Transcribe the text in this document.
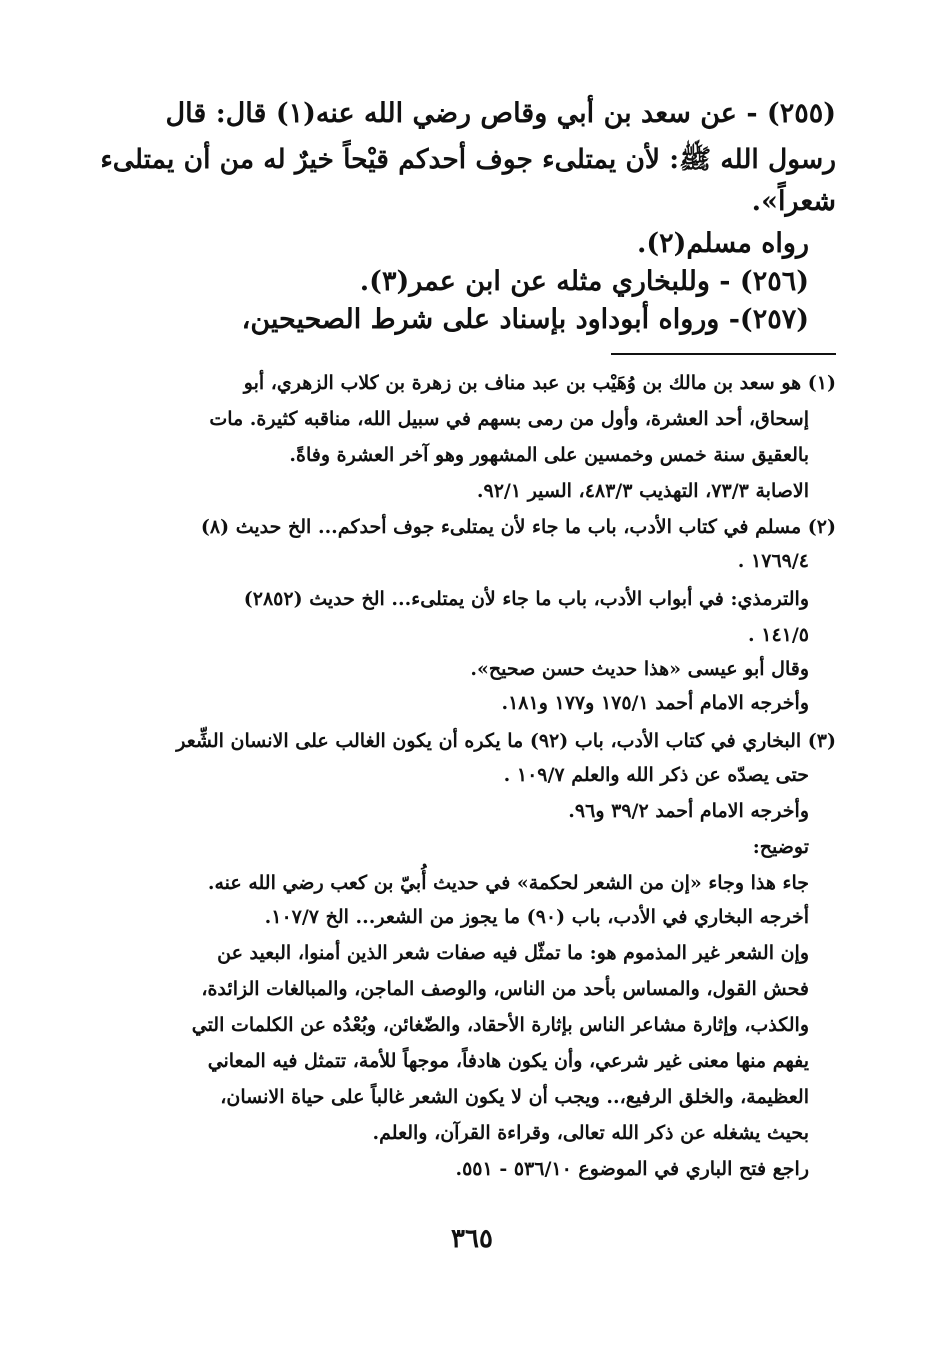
(٢٥٥) - عن سعد بن أبي وقاص رضي الله عنه(١) قال: قال
رسول الله ﷺ: لأن يمتلىء جوف أحدكم قيْحاً خيرٌ له من أن يمتلىء
شعراً».
رواه مسلم(٢).
(٢٥٦) - وللبخاري مثله عن ابن عمر(٣).
(٢٥٧)- ورواه أبوداود بإسناد على شرط الصحيحين،
(١) هو سعد بن مالك بن وُهَيْب بن عبد مناف بن زهرة بن كلاب الزهري، أبو
إسحاق، أحد العشرة، وأول من رمى بسهم في سبيل الله، مناقبه كثيرة. مات
بالعقيق سنة خمس وخمسين على المشهور وهو آخر العشرة وفاةً.
الاصابة ٧٣/٣، التهذيب ٤٨٣/٣، السير ٩٢/١.
(٢) مسلم في كتاب الأدب، باب ما جاء لأن يمتلىء جوف أحدكم... الخ حديث (٨)
١٧٦٩/٤ .
والترمذي: في أبواب الأدب، باب ما جاء لأن يمتلىء... الخ حديث (٢٨٥٢)
١٤١/٥ .
وقال أبو عيسى «هذا حديث حسن صحيح».
وأخرجه الامام أحمد ١٧٥/١ و١٧٧ و١٨١.
(٣) البخاري في كتاب الأدب، باب (٩٢) ما يكره أن يكون الغالب على الانسان الشِّعر
حتى يصدّه عن ذكر الله والعلم ١٠٩/٧ .
وأخرجه الامام أحمد ٣٩/٢ و٩٦.
توضيح:
جاء هذا وجاء «إن من الشعر لحكمة» في حديث أُبيّ بن كعب رضي الله عنه.
أخرجه البخاري في الأدب، باب (٩٠) ما يجوز من الشعر... الخ ١٠٧/٧.
وإن الشعر غير المذموم هو: ما تمثّل فيه صفات شعر الذين أمنوا، البعيد عن
فحش القول، والمساس بأحد من الناس، والوصف الماجن، والمبالغات الزائدة،
والكذب، وإثارة مشاعر الناس بإثارة الأحقاد، والضّغائن، وبُعْدُه عن الكلمات التي
يفهم منها معنى غير شرعي، وأن يكون هادفاً، موجهاً للأمة، تتمثل فيه المعاني
العظيمة، والخلق الرفيع،.. ويجب أن لا يكون الشعر غالباً على حياة الانسان،
بحيث يشغله عن ذكر الله تعالى، وقراءة القرآن، والعلم.
راجع فتح الباري في الموضوع ٥٣٦/١٠ - ٥٥١.
٣٦٥
